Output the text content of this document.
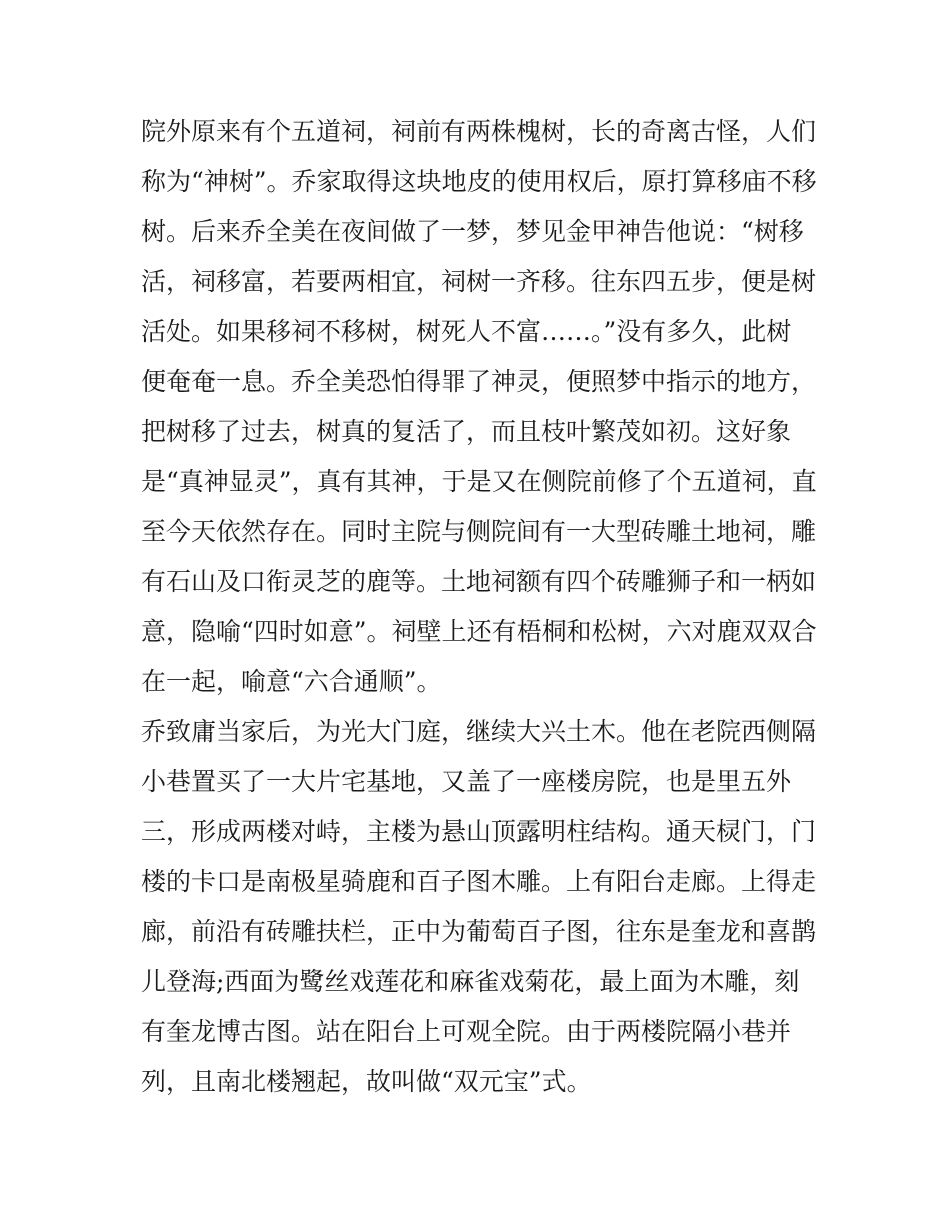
院外原来有个五道祠，祠前有两株槐树，长的奇离古怪，人们
称为“神树”。乔家取得这块地皮的使用权后，原打算移庙不移
树。后来乔全美在夜间做了一梦，梦见金甲神告他说：“树移
活，祠移富，若要两相宜，祠树一齐移。往东四五步，便是树
活处。如果移祠不移树，树死人不富……。”没有多久，此树
便奄奄一息。乔全美恐怕得罪了神灵，便照梦中指示的地方，
把树移了过去，树真的复活了，而且枝叶繁茂如初。这好象
是“真神显灵”，真有其神，于是又在侧院前修了个五道祠，直
至今天依然存在。同时主院与侧院间有一大型砖雕土地祠，雕
有石山及口衔灵芝的鹿等。土地祠额有四个砖雕狮子和一柄如
意，隐喻“四时如意”。祠壁上还有梧桐和松树，六对鹿双双合
在一起，喻意“六合通顺”。
乔致庸当家后，为光大门庭，继续大兴土木。他在老院西侧隔
小巷置买了一大片宅基地，又盖了一座楼房院，也是里五外
三，形成两楼对峙，主楼为悬山顶露明柱结构。通天棂门，门
楼的卡口是南极星骑鹿和百子图木雕。上有阳台走廊。上得走
廊，前沿有砖雕扶栏，正中为葡萄百子图，往东是奎龙和喜鹊
儿登海;西面为鹭丝戏莲花和麻雀戏菊花，最上面为木雕，刻
有奎龙博古图。站在阳台上可观全院。由于两楼院隔小巷并
列，且南北楼翘起，故叫做“双元宝”式。
